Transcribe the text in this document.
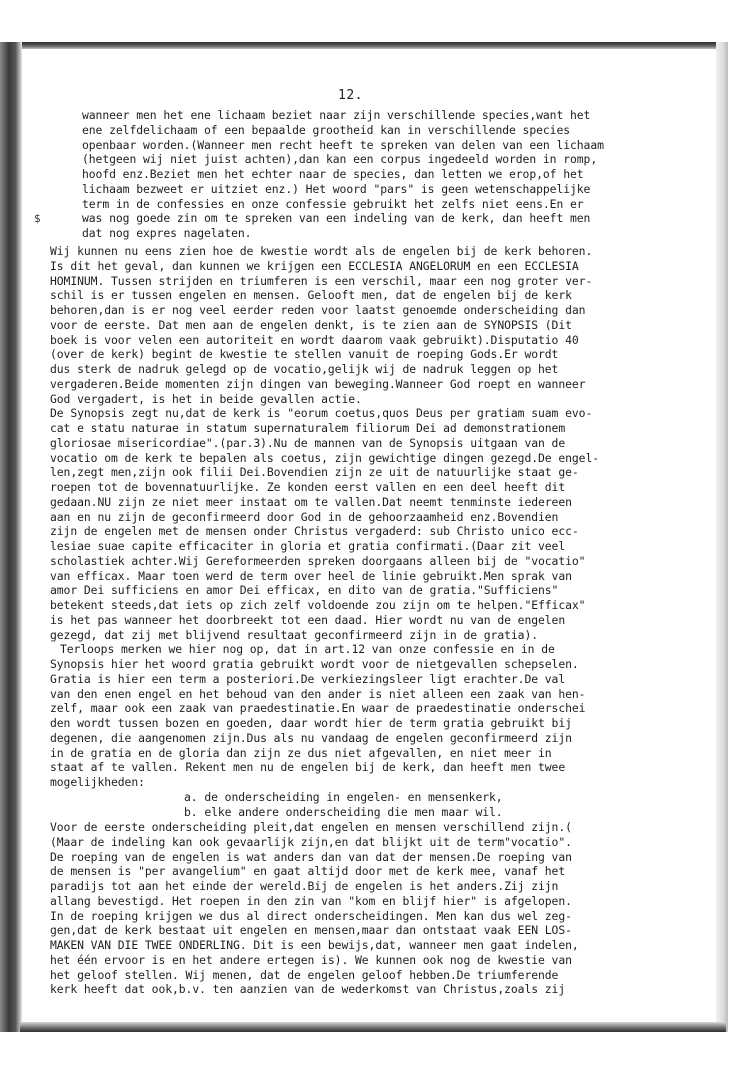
12.
$
wanneer men het ene lichaam beziet naar zijn verschillende species,want het
ene zelfdelichaam of een bepaalde grootheid kan in verschillende species
openbaar worden.(Wanneer men recht heeft te spreken van delen van een lichaam
(hetgeen wij niet juist achten),dan kan een corpus ingedeeld worden in romp,
hoofd enz.Beziet men het echter naar de species, dan letten we erop,of het
lichaam bezweet er uitziet enz.) Het woord "pars" is geen wetenschappelijke
term in de confessies en onze confessie gebruikt het zelfs niet eens.En er
was nog goede zin om te spreken van een indeling van de kerk, dan heeft men
dat nog expres nagelaten.
Wij kunnen nu eens zien hoe de kwestie wordt als de engelen bij de kerk behoren.
Is dit het geval, dan kunnen we krijgen een ECCLESIA ANGELORUM en een ECCLESIA
HOMINUM. Tussen strijden en triumferen is een verschil, maar een nog groter ver-
schil is er tussen engelen en mensen. Gelooft men, dat de engelen bij de kerk
behoren,dan is er nog veel eerder reden voor laatst genoemde onderscheiding dan
voor de eerste. Dat men aan de engelen denkt, is te zien aan de SYNOPSIS (Dit
boek is voor velen een autoriteit en wordt daarom vaak gebruikt).Disputatio 40
(over de kerk) begint de kwestie te stellen vanuit de roeping Gods.Er wordt
dus sterk de nadruk gelegd op de vocatio,gelijk wij de nadruk leggen op het
vergaderen.Beide momenten zijn dingen van beweging.Wanneer God roept en wanneer
God vergadert, is het in beide gevallen actie.
De Synopsis zegt nu,dat de kerk is "eorum coetus,quos Deus per gratiam suam evo-
cat e statu naturae in statum supernaturalem filiorum Dei ad demonstrationem
gloriosae misericordiae".(par.3).Nu de mannen van de Synopsis uitgaan van de
vocatio om de kerk te bepalen als coetus, zijn gewichtige dingen gezegd.De engel-
len,zegt men,zijn ook filii Dei.Bovendien zijn ze uit de natuurlijke staat ge-
roepen tot de bovennatuurlijke. Ze konden eerst vallen en een deel heeft dit
gedaan.NU zijn ze niet meer instaat om te vallen.Dat neemt tenminste iedereen
aan en nu zijn de geconfirmeerd door God in de gehoorzaamheid enz.Bovendien
zijn de engelen met de mensen onder Christus vergaderd: sub Christo unico ecc-
lesiae suae capite efficaciter in gloria et gratia confirmati.(Daar zit veel
scholastiek achter.Wij Gereformeerden spreken doorgaans alleen bij de "vocatio"
van efficax. Maar toen werd de term over heel de linie gebruikt.Men sprak van
amor Dei sufficiens en amor Dei efficax, en dito van de gratia."Sufficiens"
betekent steeds,dat iets op zich zelf voldoende zou zijn om te helpen."Efficax"
is het pas wanneer het doorbreekt tot een daad. Hier wordt nu van de engelen
gezegd, dat zij met blijvend resultaat geconfirmeerd zijn in de gratia).
Terloops merken we hier nog op, dat in art.12 van onze confessie en in de
Synopsis hier het woord gratia gebruikt wordt voor de nietgevallen schepselen.
Gratia is hier een term a posteriori.De verkiezingsleer ligt erachter.De val
van den enen engel en het behoud van den ander is niet alleen een zaak van hen-
zelf, maar ook een zaak van praedestinatie.En waar de praedestinatie onderschei
den wordt tussen bozen en goeden, daar wordt hier de term gratia gebruikt bij
degenen, die aangenomen zijn.Dus als nu vandaag de engelen geconfirmeerd zijn
in de gratia en de gloria dan zijn ze dus niet afgevallen, en niet meer in
staat af te vallen. Rekent men nu de engelen bij de kerk, dan heeft men twee
mogelijkheden:
a. de onderscheiding in engelen- en mensenkerk,
b. elke andere onderscheiding die men maar wil.
Voor de eerste onderscheiding pleit,dat engelen en mensen verschillend zijn.(
(Maar de indeling kan ook gevaarlijk zijn,en dat blijkt uit de term"vocatio".
De roeping van de engelen is wat anders dan van dat der mensen.De roeping van
de mensen is "per avangelium" en gaat altijd door met de kerk mee, vanaf het
paradijs tot aan het einde der wereld.Bij de engelen is het anders.Zij zijn
allang bevestigd. Het roepen in den zin van "kom en blijf hier" is afgelopen.
In de roeping krijgen we dus al direct onderscheidingen. Men kan dus wel zeg-
gen,dat de kerk bestaat uit engelen en mensen,maar dan ontstaat vaak EEN LOS-
MAKEN VAN DIE TWEE ONDERLING. Dit is een bewijs,dat, wanneer men gaat indelen,
het één ervoor is en het andere ertegen is). We kunnen ook nog de kwestie van
het geloof stellen. Wij menen, dat de engelen geloof hebben.De triumferende
kerk heeft dat ook,b.v. ten aanzien van de wederkomst van Christus,zoals zij
